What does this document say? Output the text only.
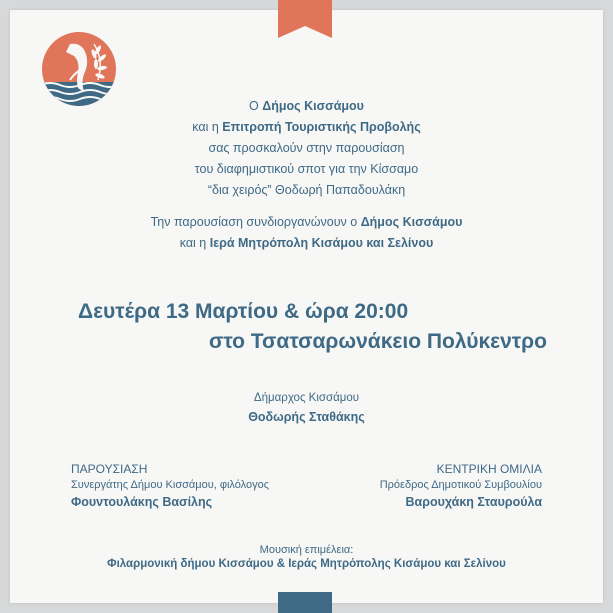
Ο Δήμος Κισσάμου
και η Επιτροπή Τουριστικής Προβολής
σας προσκαλούν στην παρουσίαση
του διαφημιστικού σποτ για την Κίσσαμο
“δια χειρός” Θοδωρή Παπαδουλάκη
Την παρουσίαση συνδιοργανώνουν ο Δήμος Κισσάμου
και η Ιερά Μητρόπολη Κισάμου και Σελίνου
Δευτέρα 13 Μαρτίου & ώρα 20:00
στο Τσατσαρωνάκειο Πολύκεντρο
Δήμαρχος Κισσάμου
Θοδωρής Σταθάκης
ΠΑΡΟΥΣΙΑΣΗ
Συνεργάτης Δήμου Κισσάμου, φιλόλογος
Φουντουλάκης Βασίλης
ΚΕΝΤΡΙΚΗ ΟΜΙΛΙΑ
Πρόεδρος Δημοτικού Συμβουλίου
Βαρουχάκη Σταυρούλα
Μουσική επιμέλεια:
Φιλαρμονική δήμου Κισσάμου & Ιεράς Μητρόπολης Κισάμου και Σελίνου
